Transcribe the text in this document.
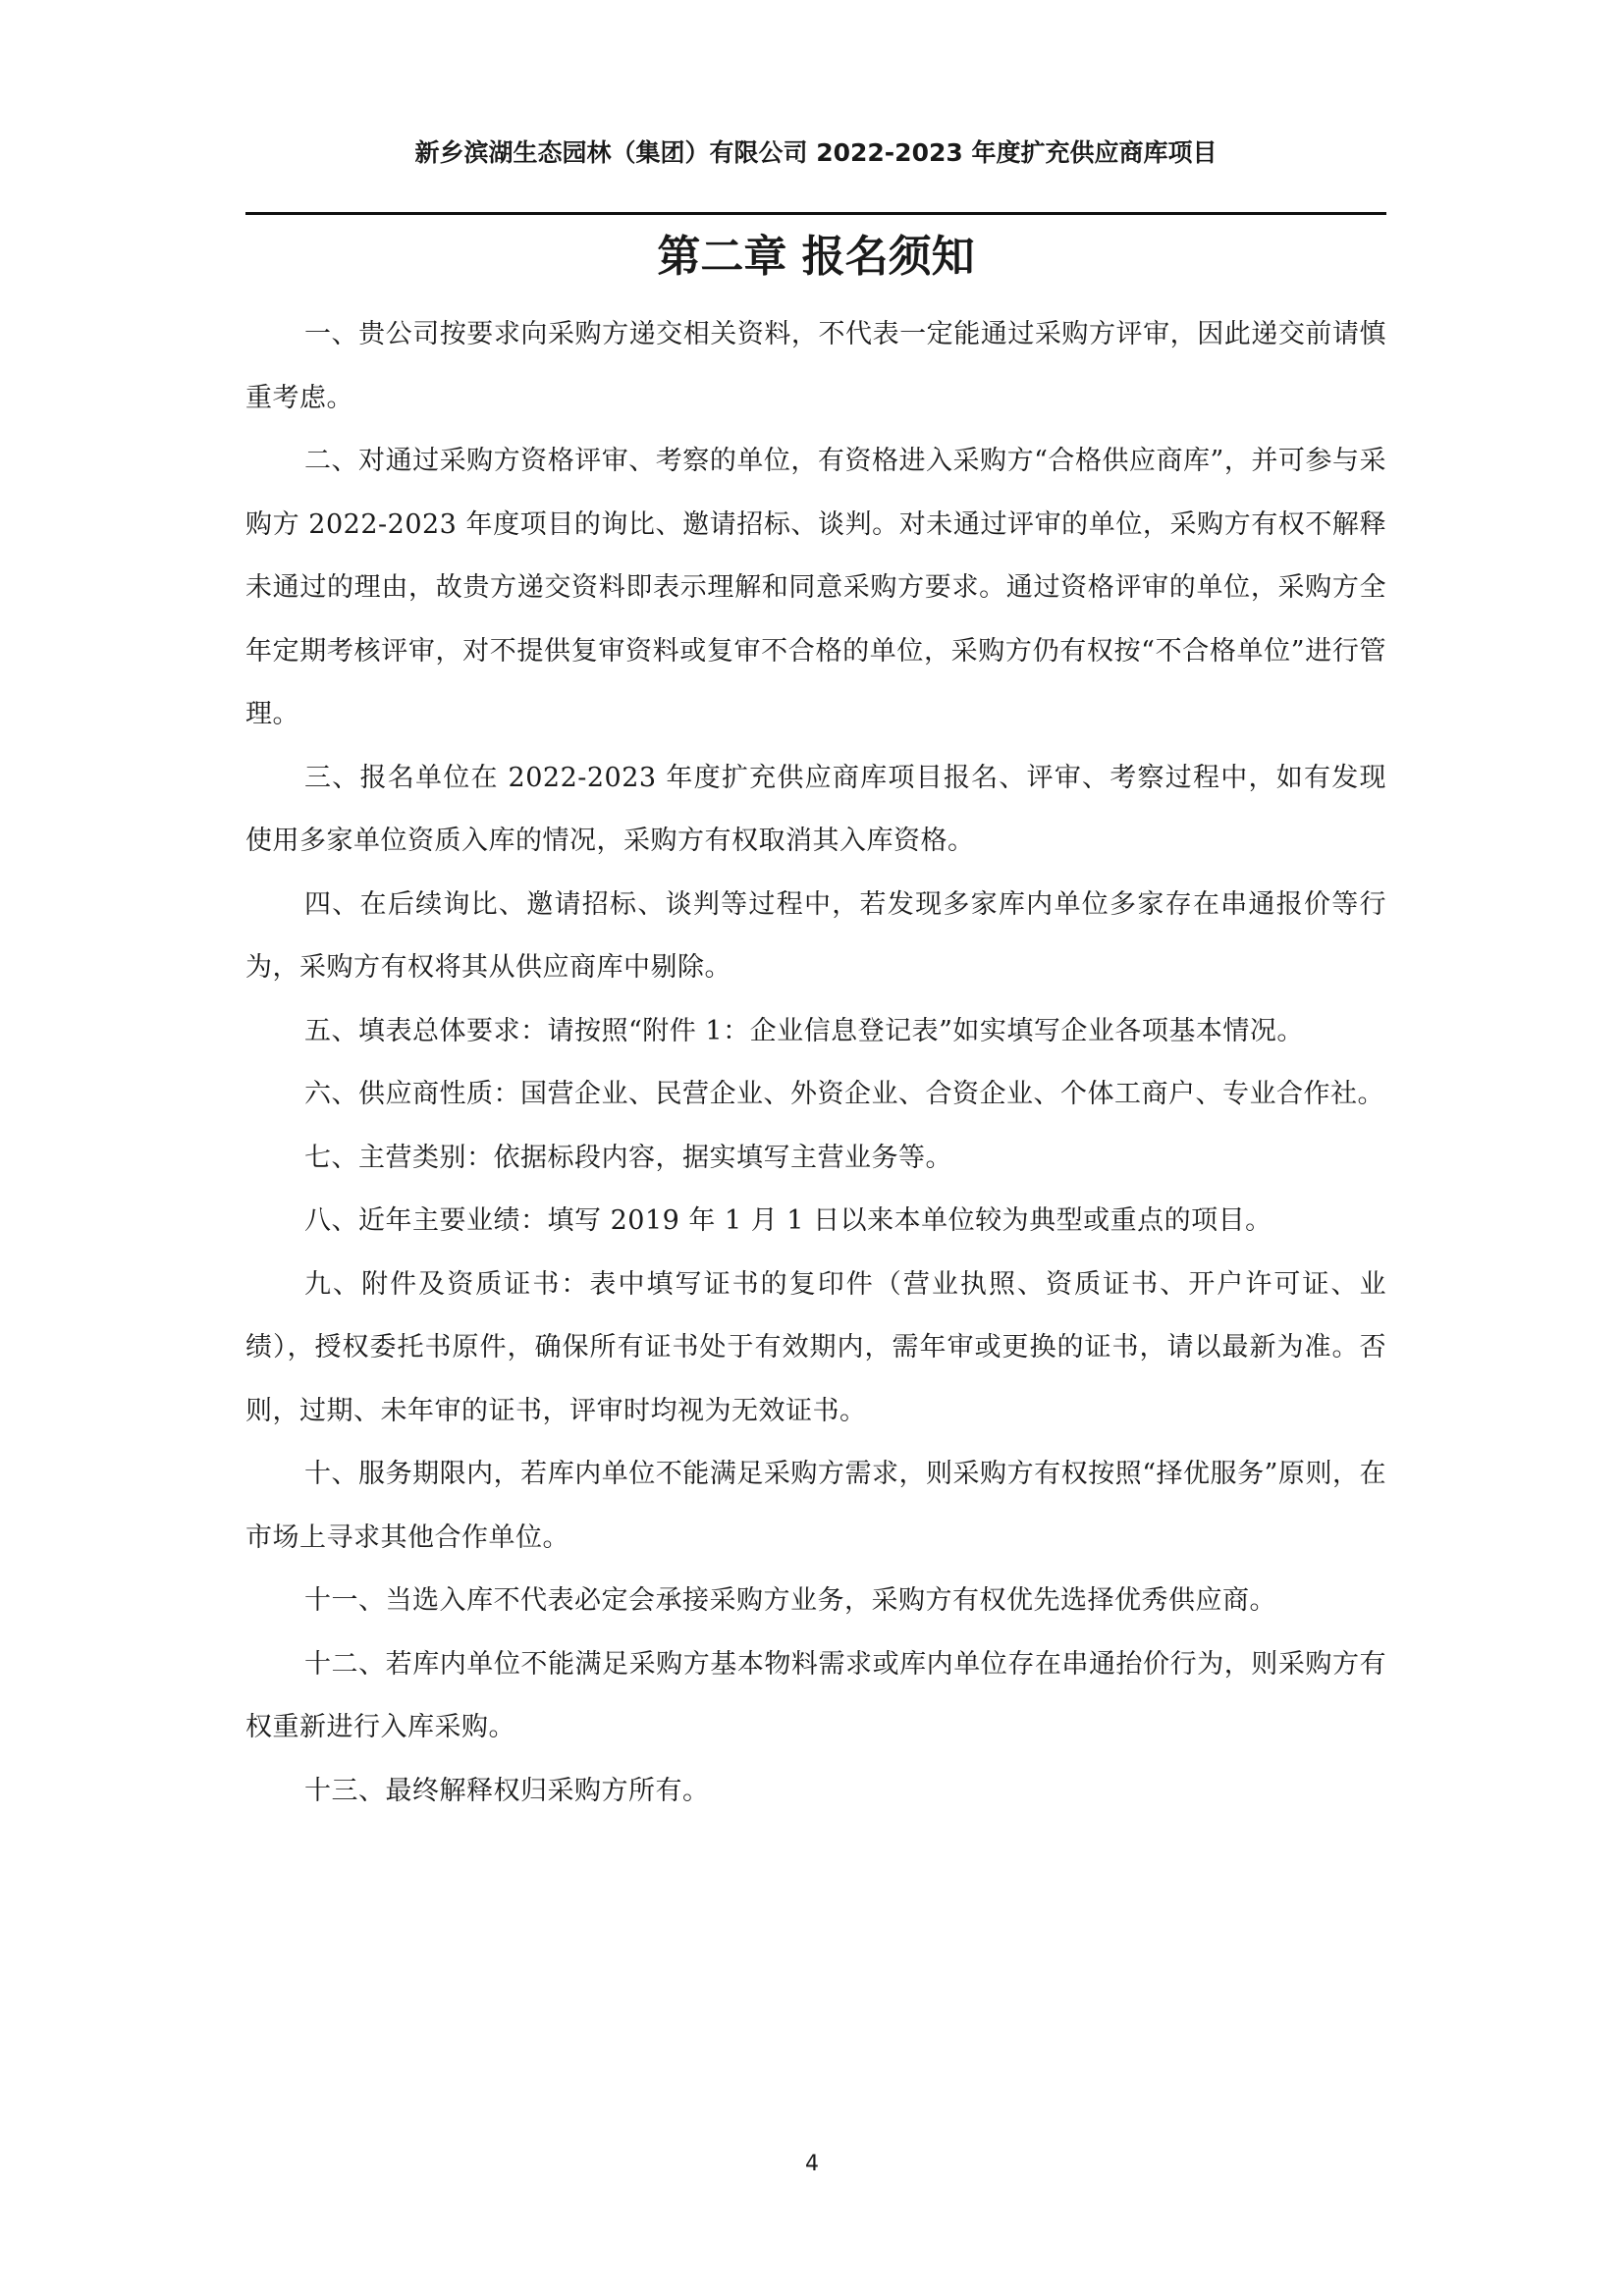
新乡滨湖生态园林（集团）有限公司 2022-2023 年度扩充供应商库项目
第二章 报名须知

一、贵公司按要求向采购方递交相关资料，不代表一定能通过采购方评审，因此递交前请慎重考虑。

二、对通过采购方资格评审、考察的单位，有资格进入采购方“合格供应商库”，并可参与采购方 2022-2023 年度项目的询比、邀请招标、谈判。对未通过评审的单位，采购方有权不解释未通过的理由，故贵方递交资料即表示理解和同意采购方要求。通过资格评审的单位，采购方全年定期考核评审，对不提供复审资料或复审不合格的单位，采购方仍有权按“不合格单位”进行管理。

三、报名单位在 2022-2023 年度扩充供应商库项目报名、评审、考察过程中，如有发现使用多家单位资质入库的情况，采购方有权取消其入库资格。

四、在后续询比、邀请招标、谈判等过程中，若发现多家库内单位多家存在串通报价等行为，采购方有权将其从供应商库中剔除。

五、填表总体要求：请按照“附件 1：企业信息登记表”如实填写企业各项基本情况。

六、供应商性质：国营企业、民营企业、外资企业、合资企业、个体工商户、专业合作社。

七、主营类别：依据标段内容，据实填写主营业务等。

八、近年主要业绩：填写 2019 年 1 月 1 日以来本单位较为典型或重点的项目。

九、附件及资质证书：表中填写证书的复印件（营业执照、资质证书、开户许可证、业绩），授权委托书原件，确保所有证书处于有效期内，需年审或更换的证书，请以最新为准。否则，过期、未年审的证书，评审时均视为无效证书。

十、服务期限内，若库内单位不能满足采购方需求，则采购方有权按照“择优服务”原则，在市场上寻求其他合作单位。

十一、当选入库不代表必定会承接采购方业务，采购方有权优先选择优秀供应商。

十二、若库内单位不能满足采购方基本物料需求或库内单位存在串通抬价行为，则采购方有权重新进行入库采购。

十三、最终解释权归采购方所有。

4
